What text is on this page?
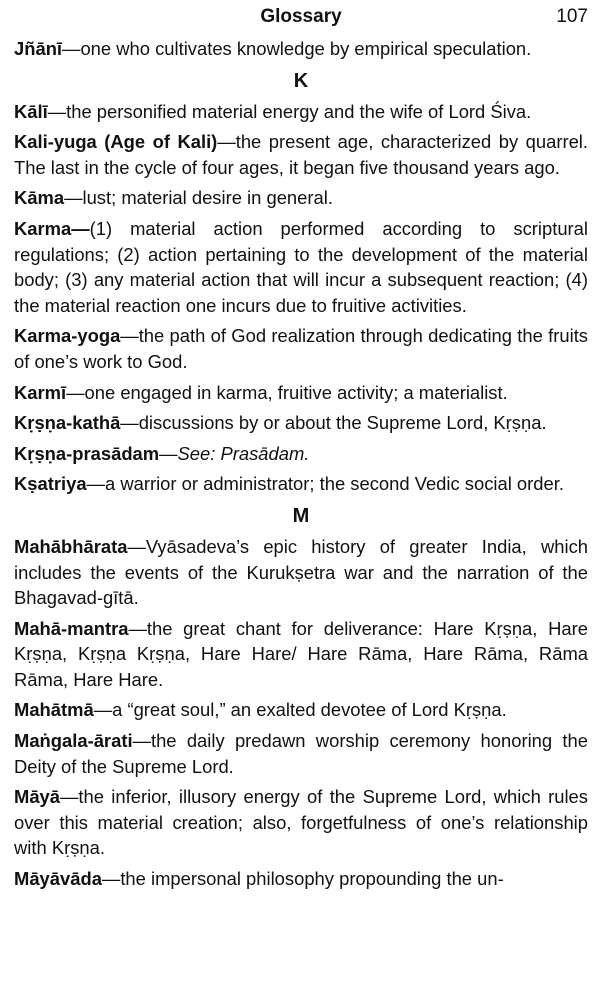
Glossary	107

Jñānī—one who cultivates knowledge by empirical speculation.

K

Kālī—the personified material energy and the wife of Lord Śiva.

Kali-yuga (Age of Kali)—the present age, characterized by quarrel. The last in the cycle of four ages, it began five thousand years ago.

Kāma—lust; material desire in general.

Karma—(1) material action performed according to scriptural regulations; (2) action pertaining to the development of the material body; (3) any material action that will incur a subsequent reaction; (4) the material reaction one incurs due to fruitive activities.

Karma-yoga—the path of God realization through dedicating the fruits of one’s work to God.

Karmī—one engaged in karma, fruitive activity; a materialist.

Kṛṣṇa-kathā—discussions by or about the Supreme Lord, Kṛṣṇa.

Kṛṣṇa-prasādam—See: Prasādam.

Kṣatriya—a warrior or administrator; the second Vedic social order.

M

Mahābhārata—Vyāsadeva’s epic history of greater India, which includes the events of the Kurukṣetra war and the narration of the Bhagavad-gītā.

Mahā-mantra—the great chant for deliverance: Hare Kṛṣṇa, Hare Kṛṣṇa, Kṛṣṇa Kṛṣṇa, Hare Hare/ Hare Rāma, Hare Rāma, Rāma Rāma, Hare Hare.

Mahātmā—a “great soul,” an exalted devotee of Lord Kṛṣṇa.

Maṅgala-ārati—the daily predawn worship ceremony honoring the Deity of the Supreme Lord.

Māyā—the inferior, illusory energy of the Supreme Lord, which rules over this material creation; also, forgetfulness of one’s relationship with Kṛṣṇa.

Māyāvāda—the impersonal philosophy propounding the un-
